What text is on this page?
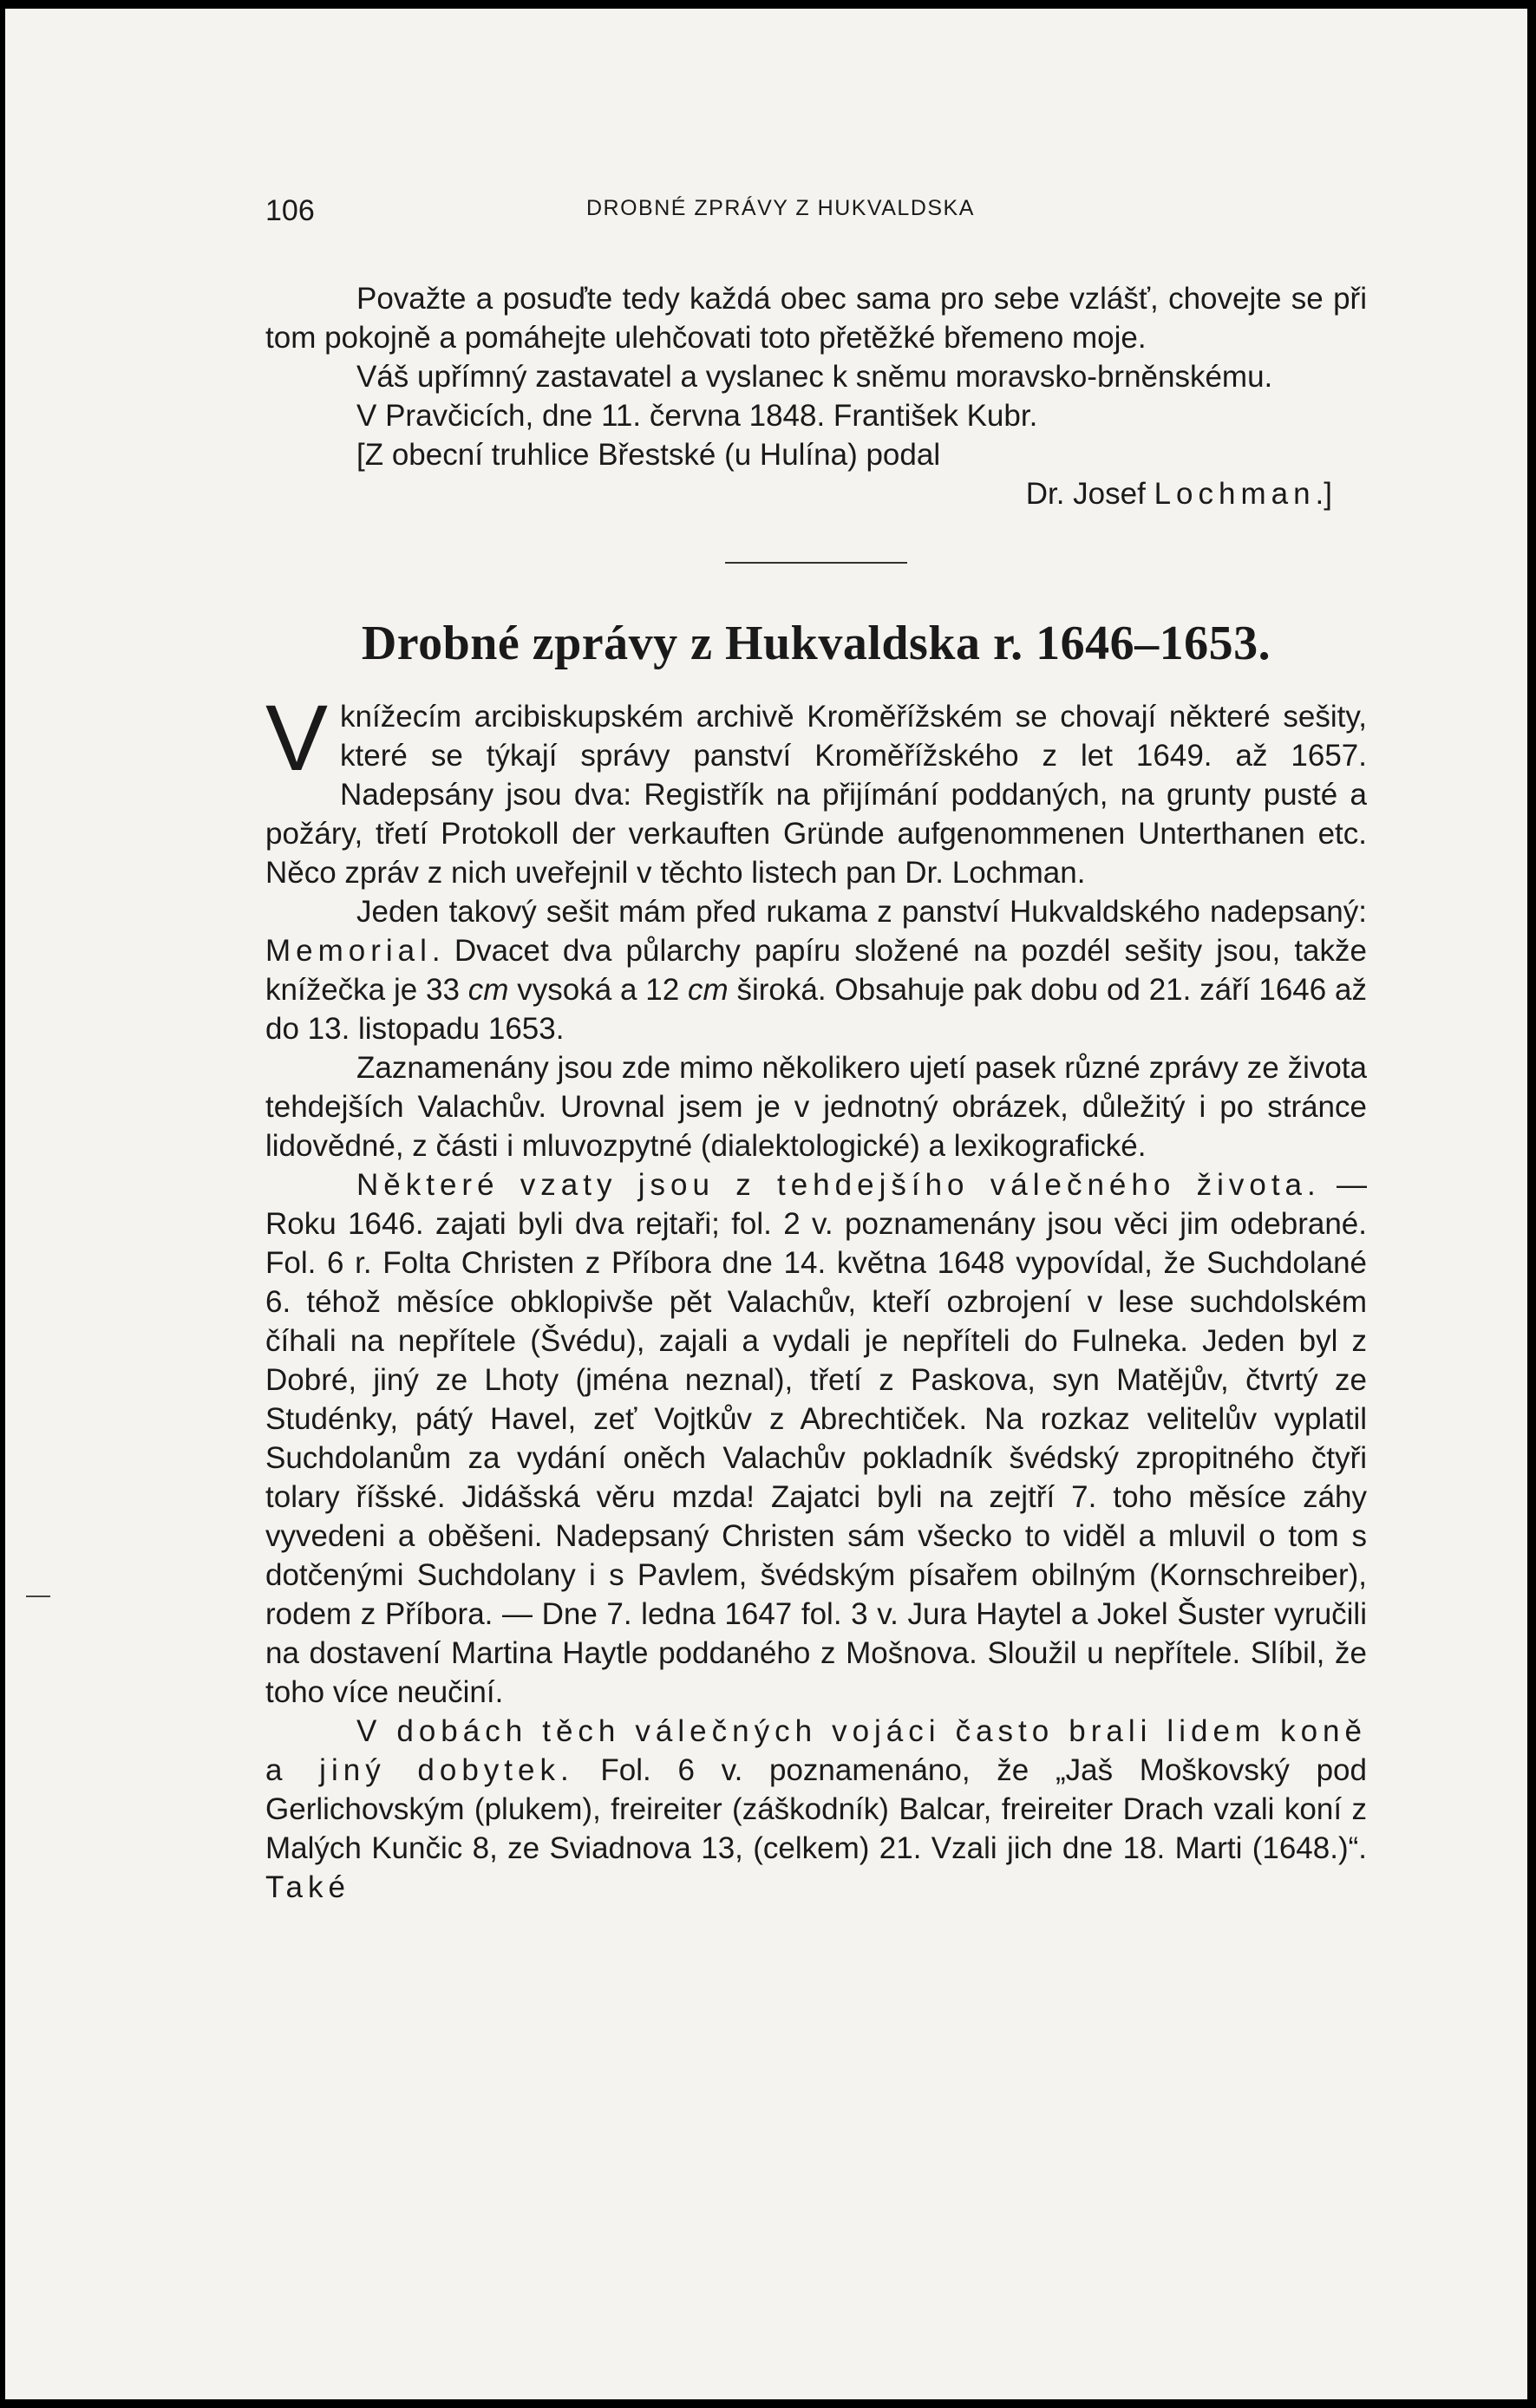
106	DROBNÉ ZPRÁVY Z HUKVALDSKA

Považte a posuďte tedy každá obec sama pro sebe vzlášť, chovejte se při tom pokojně a pomáhejte ulehčovati toto přetěžké břemeno moje.

Váš upřímný zastavatel a vyslanec k sněmu moravsko-brněnskému.

V Pravčicích, dne 11. června 1848. František Kubr.

[Z obecní truhlice Břestské (u Hulína) podal

Dr. Josef Lochman.]

Drobné zprávy z Hukvaldska r. 1646–1653.

Vknížecím arcibiskupském archivě Kroměřížském se chovají některé sešity, které se týkají správy panství Kroměřížského z let 1649. až 1657. Nadepsány jsou dva: Registřík na přijímání poddaných, na grunty pusté a požáry, třetí Protokoll der verkauften Gründe aufgenommenen Unterthanen etc. Něco zpráv z nich uveřejnil v těchto listech pan Dr. Lochman.

Jeden takový sešit mám před rukama z panství Hukvaldského nadepsaný: Memorial. Dvacet dva půlarchy papíru složené na pozdél sešity jsou, takže knížečka je 33 cm vysoká a 12 cm široká. Obsahuje pak dobu od 21. září 1646 až do 13. listopadu 1653.

Zaznamenány jsou zde mimo několikero ujetí pasek různé zprávy ze života tehdejších Valachův. Urovnal jsem je v jednotný obrázek, důležitý i po stránce lidovědné, z části i mluvozpytné (dialektologické) a lexikografické.

Některé vzaty jsou z tehdejšího válečného života. —Roku 1646. zajati byli dva rejtaři; fol. 2 v. poznamenány jsou věci jim odebrané. Fol. 6 r. Folta Christen z Příbora dne 14. května 1648 vypovídal, že Suchdolané 6. téhož měsíce obklopivše pět Valachův, kteří ozbrojení v lese suchdolském číhali na nepřítele (Švédu), zajali a vydali je nepříteli do Fulneka. Jeden byl z Dobré, jiný ze Lhoty (jména neznal), třetí z Paskova, syn Matějův, čtvrtý ze Studénky, pátý Havel, zeť Vojtkův z Abrechtiček. Na rozkaz velitelův vyplatil Suchdolanům za vydání oněch Valachův pokladník švédský zpropitného čtyři tolary říšské. Jidášská věru mzda! Zajatci byli na zejtří 7. toho měsíce záhy vyvedeni a oběšeni. Nadepsaný Christen sám všecko to viděl a mluvil o tom s dotčenými Suchdolany i s Pavlem, švédským písařem obilným (Kornschreiber), rodem z Příbora. — Dne 7. ledna 1647 fol. 3 v. Jura Haytel a Jokel Šuster vyručili na dostavení Martina Haytle poddaného z Mošnova. Sloužil u nepřítele. Slíbil, že toho více neučiní.

V dobách těch válečných vojáci často brali lidem koně a jiný dobytek. Fol. 6 v. poznamenáno, že „Jaš Moškovský pod Gerlichovským (plukem), freireiter (záškodník) Balcar, freireiter Drach vzali koní z Malých Kunčic 8, ze Sviadnova 13, (celkem) 21. Vzali jich dne 18. Marti (1648.)“. Také
